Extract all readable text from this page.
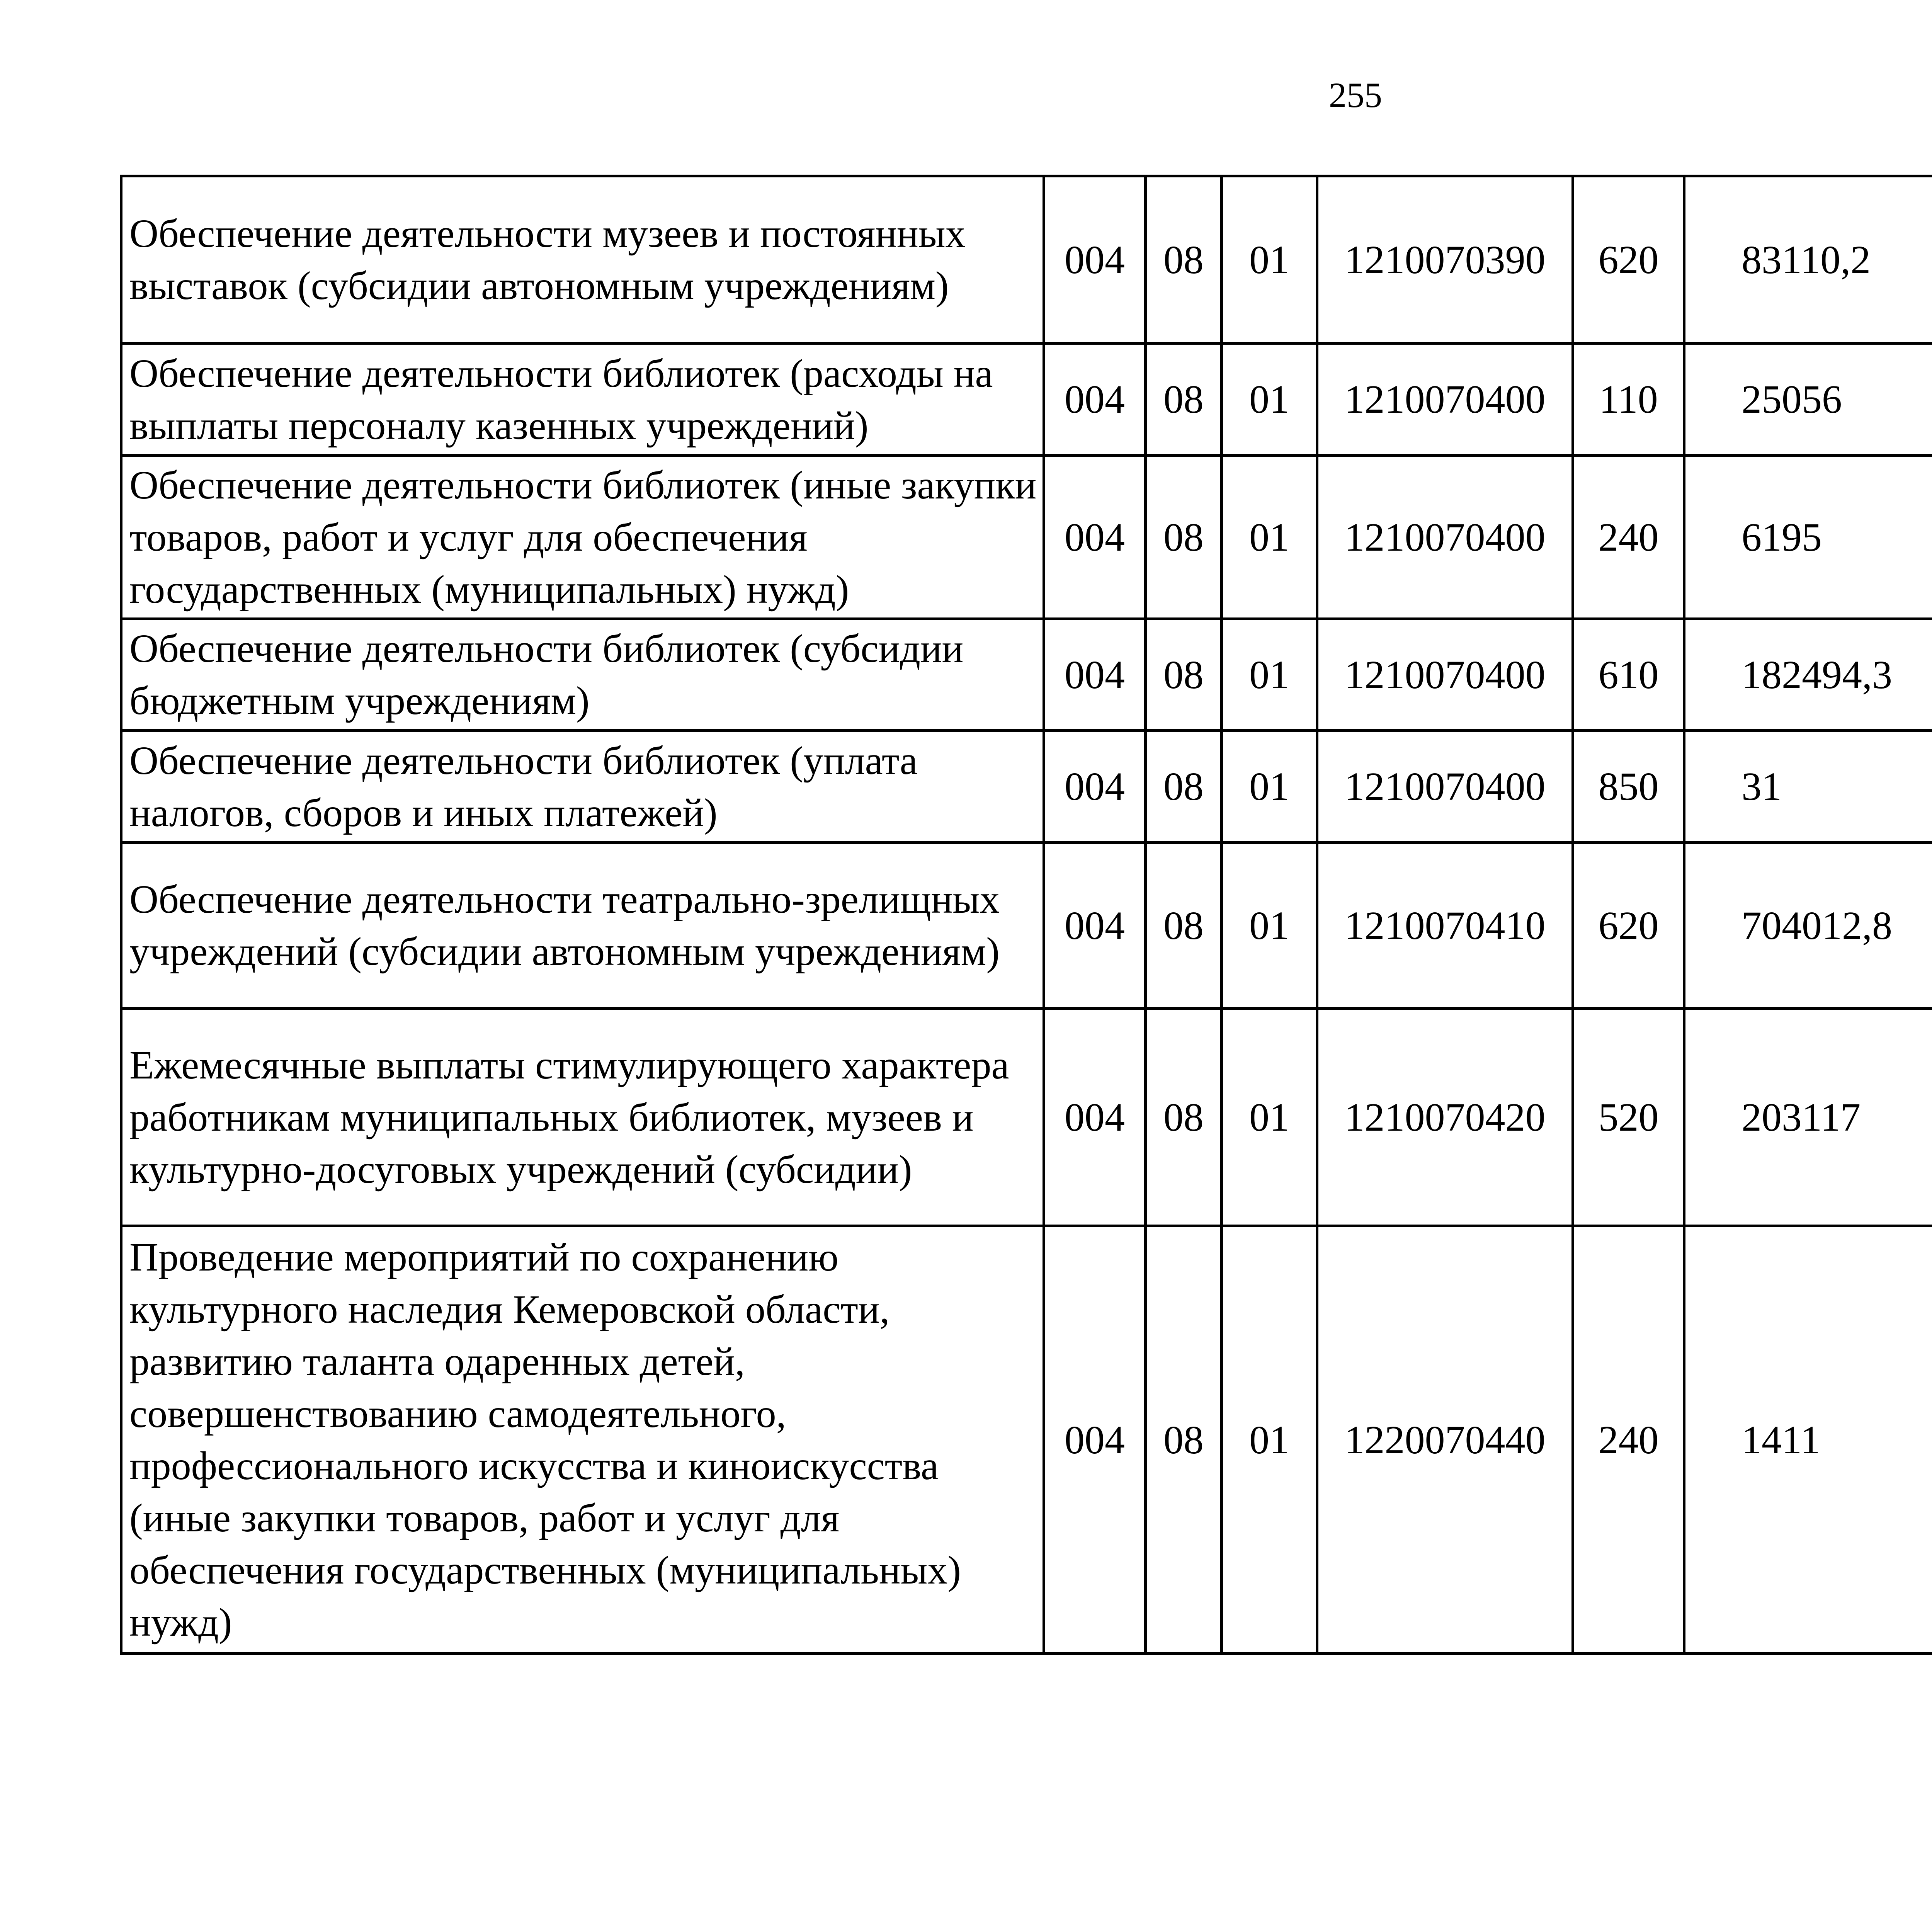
255
Обеспечение деятельности музеев и постоянных выставок (субсидии автономным учреждениям)	004	08	01	1210070390	620	83110,2		
Обеспечение деятельности библиотек (расходы на выплаты персоналу казенных учреждений)	004	08	01	1210070400	110	25056		
Обеспечение деятельности библиотек (иные закупки товаров, работ и услуг для обеспечения государственных (муниципальных) нужд)	004	08	01	1210070400	240	6195		
Обеспечение деятельности библиотек (субсидии бюджетным учреждениям)	004	08	01	1210070400	610	182494,3		
Обеспечение деятельности библиотек (уплата налогов, сборов и иных платежей)	004	08	01	1210070400	850	31		
Обеспечение деятельности театрально-зрелищных учреждений (субсидии автономным учреждениям)	004	08	01	1210070410	620	704012,8		
Ежемесячные выплаты стимулирующего характера работникам муниципальных библиотек, музеев и культурно-досуговых учреждений (субсидии)	004	08	01	1210070420	520	203117		
Проведение мероприятий по сохранению культурного наследия Кемеровской области, развитию таланта одаренных детей, совершенствованию самодеятельного, профессионального искусства и киноискусства (иные закупки товаров, работ и услуг для обеспечения государственных (муниципальных) нужд)	004	08	01	1220070440	240	1411		
